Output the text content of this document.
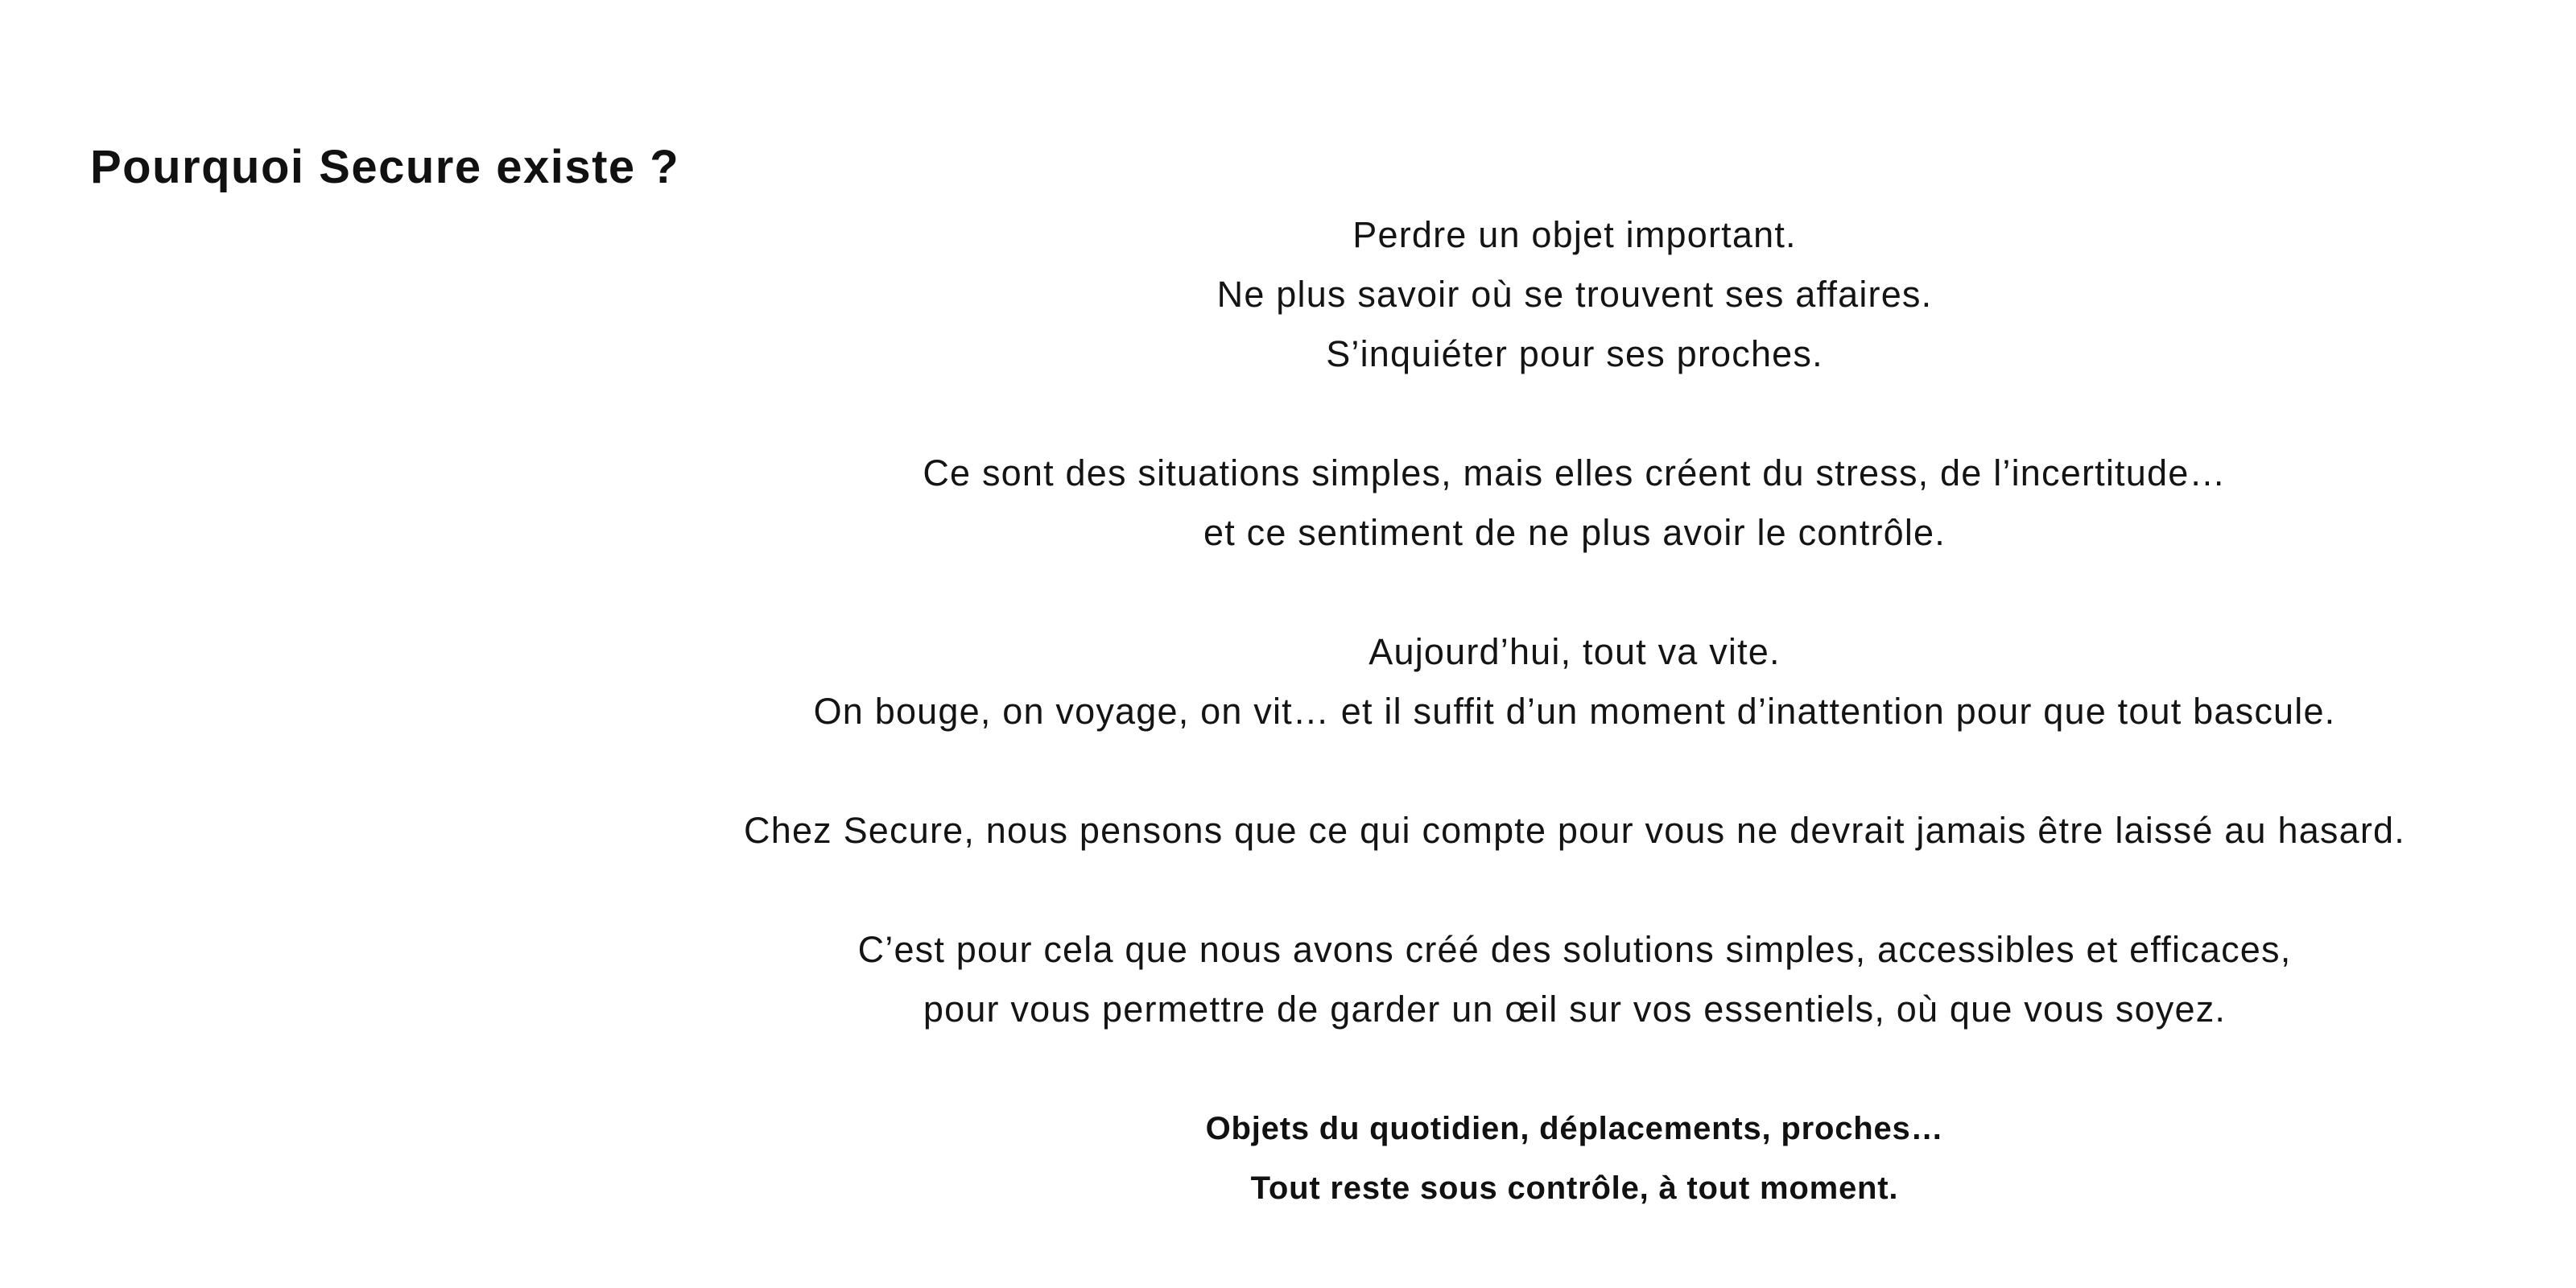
Pourquoi Secure existe ?

Perdre un objet important.
Ne plus savoir où se trouvent ses affaires.
S’inquiéter pour ses proches.

Ce sont des situations simples, mais elles créent du stress, de l’incertitude…
et ce sentiment de ne plus avoir le contrôle.

Aujourd’hui, tout va vite.
On bouge, on voyage, on vit… et il suffit d’un moment d’inattention pour que tout bascule.

Chez Secure, nous pensons que ce qui compte pour vous ne devrait jamais être laissé au hasard.

C’est pour cela que nous avons créé des solutions simples, accessibles et efficaces,
pour vous permettre de garder un œil sur vos essentiels, où que vous soyez.

Objets du quotidien, déplacements, proches…
Tout reste sous contrôle, à tout moment.
